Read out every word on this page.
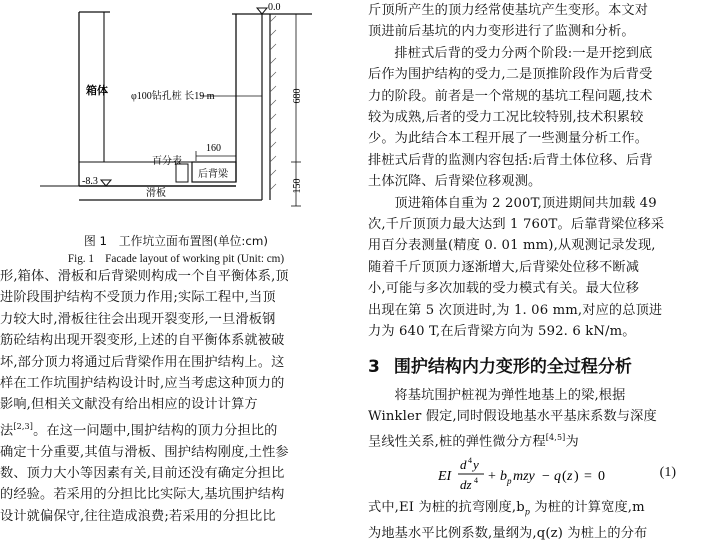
0.0
箱体 φ100钻孔桩 长19 m	680
150
160
百分表
后背梁
滑板
-8.3
图 1　工作坑立面布置图(单位:cm)
Fig. 1　Facade layout of working pit (Unit: cm)

形,箱体、滑板和后背梁则构成一个自平衡体系,顶

进阶段围护结构不受顶力作用;实际工程中,当顶

力较大时,滑板往往会出现开裂变形,一旦滑板钢

筋砼结构出现开裂变形,上述的自平衡体系就被破

坏,部分顶力将通过后背梁作用在围护结构上。这

样在工作坑围护结构设计时,应当考虑这种顶力的

影响,但相关文献没有给出相应的设计计算方

法[2,3]。在这一问题中,围护结构的顶力分担比的

确定十分重要,其值与滑板、围护结构刚度,土性参

数、顶力大小等因素有关,目前还没有确定分担比

的经验。若采用的分担比比实际大,基坑围护结构

设计就偏保守,往往造成浪费;若采用的分担比比

斤顶所产生的顶力经常使基坑产生变形。本文对

顶进前后基坑的内力变形进行了监测和分析。

排桩式后背的受力分两个阶段:一是开挖到底

后作为围护结构的受力,二是顶推阶段作为后背受

力的阶段。前者是一个常规的基坑工程问题,技术

较为成熟,后者的受力工况比较特别,技术积累较

少。为此结合本工程开展了一些测量分析工作。

排桩式后背的监测内容包括:后背土体位移、后背

土体沉降、后背梁位移观测。

顶进箱体自重为 2 200T,顶进期间共加载 49

次,千斤顶顶力最大达到 1 760T。后靠背梁位移采

用百分表测量(精度 0. 01 mm),从观测记录发现,

随着千斤顶顶力逐渐增大,后背梁处位移不断减

小,可能与多次加载的受力模式有关。最大位移

出现在第 5 次顶进时,为 1. 06 mm,对应的总顶进

力为 640 T,在后背梁方向为 592. 6 kN/m。

3 围护结构内力变形的全过程分析

将基坑围护桩视为弹性地基上的梁,根据

Winkler 假定,同时假设地基水平基床系数与深度

呈线性关系,桩的弹性微分方程[4,5]为

EI
d 4 y
dz 4 + b p mzy − q ( z ) = 0	(1)

式中,EI 为桩的抗弯刚度$,b_p$ 为桩的计算宽度,m

为地基水平比例系数,量纲为,q(z) 为桩上的分布
